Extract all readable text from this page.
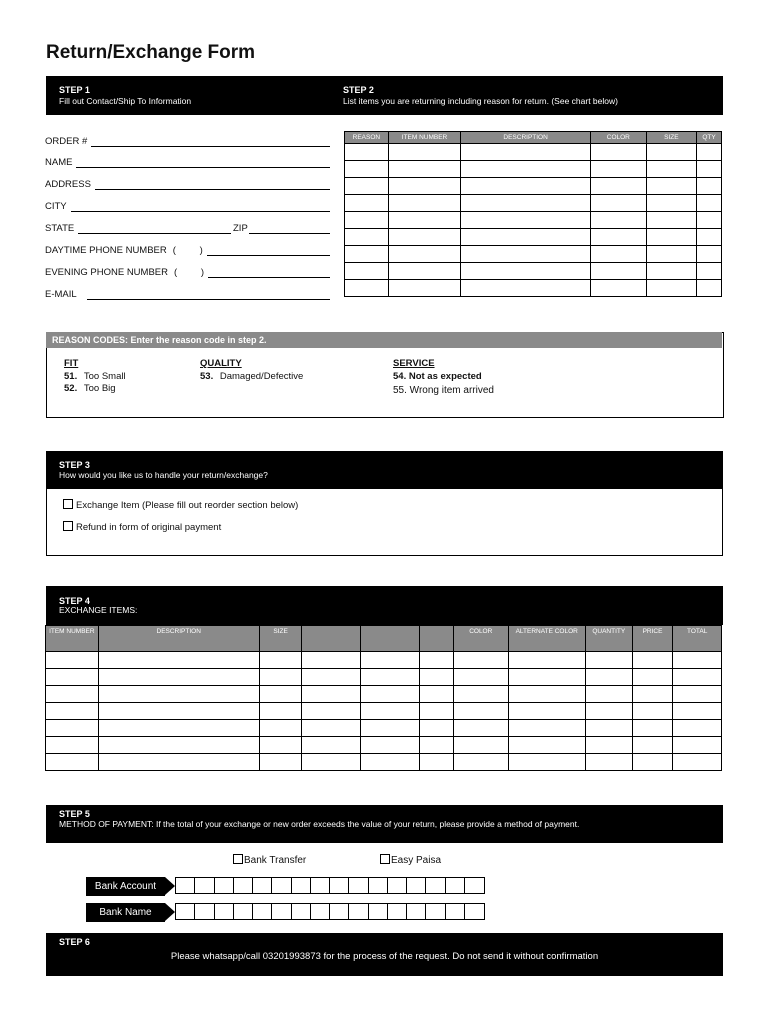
Return/Exchange Form
STEP 1
Fill out Contact/Ship To Information
STEP 2
List items you are returning including reason for return. (See chart below)
ORDER #
NAME
ADDRESS
CITY
STATE	ZIP
DAYTIME PHONE NUMBER (         )
EVENING PHONE NUMBER (         )
E-MAIL
REASON	ITEM NUMBER	DESCRIPTION	COLOR	SIZE	QTY

REASON CODES: Enter the reason code in step 2.
FIT
51. Too Small
52. Too Big
QUALITY
53. Damaged/Defective
SERVICE
54. Not as expected
55. Wrong item arrived
STEP 3
How would you like us to handle your return/exchange?
Exchange Item (Please fill out reorder section below)
Refund in form of original payment
STEP 4
EXCHANGE ITEMS:
ITEM NUMBER	DESCRIPTION	SIZE				COLOR	ALTERNATE COLOR	QUANTITY	PRICE	TOTAL

STEP 5
METHOD OF PAYMENT: If the total of your exchange or new order exceeds the value of your return, please provide a method of payment.
Bank Transfer	Easy Paisa
Bank Account
Bank Name
STEP 6
Please whatsapp/call 03201993873 for the process of the request. Do not send it without confirmation
